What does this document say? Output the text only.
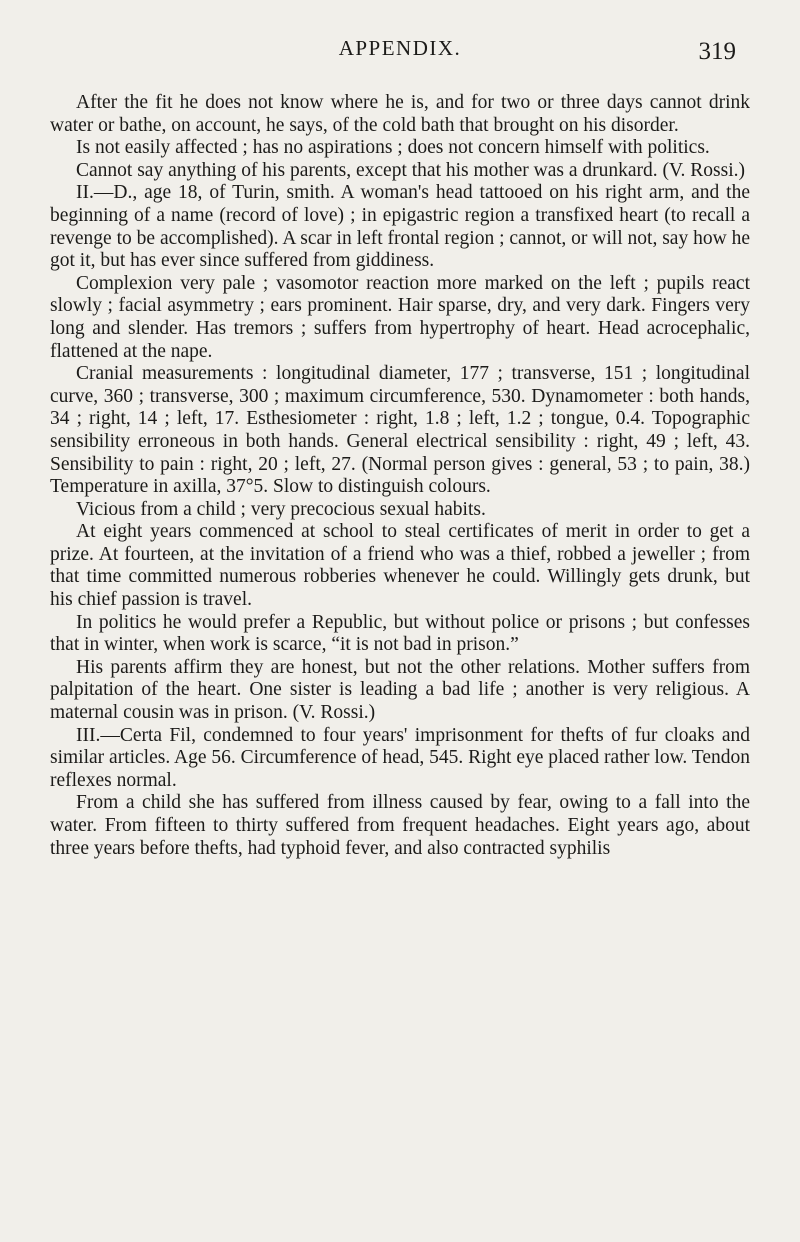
APPENDIX.	319

After the fit he does not know where he is, and for two or three days cannot drink water or bathe, on account, he says, of the cold bath that brought on his disorder.

Is not easily affected ; has no aspirations ; does not concern himself with politics.

Cannot say anything of his parents, except that his mother was a drunkard. (V. Rossi.)

II.—D., age 18, of Turin, smith. A woman's head tattooed on his right arm, and the beginning of a name (record of love) ; in epigastric region a transfixed heart (to recall a revenge to be accomplished). A scar in left frontal region ; cannot, or will not, say how he got it, but has ever since suffered from giddiness.

Complexion very pale ; vasomotor reaction more marked on the left ; pupils react slowly ; facial asymmetry ; ears prominent. Hair sparse, dry, and very dark. Fingers very long and slender. Has tremors ; suffers from hypertrophy of heart. Head acrocephalic, flattened at the nape.

Cranial measurements : longitudinal diameter, 177 ; transverse, 151 ; longitudinal curve, 360 ; transverse, 300 ; maximum circumference, 530. Dynamometer : both hands, 34 ; right, 14 ; left, 17. Esthesiometer : right, 1.8 ; left, 1.2 ; tongue, 0.4. Topographic sensibility erroneous in both hands. General electrical sensibility : right, 49 ; left, 43. Sensibility to pain : right, 20 ; left, 27. (Normal person gives : general, 53 ; to pain, 38.) Temperature in axilla, 37°5. Slow to distinguish colours.

Vicious from a child ; very precocious sexual habits.

At eight years commenced at school to steal certificates of merit in order to get a prize. At fourteen, at the invitation of a friend who was a thief, robbed a jeweller ; from that time committed numerous robberies whenever he could. Willingly gets drunk, but his chief passion is travel.

In politics he would prefer a Republic, but without police or prisons ; but confesses that in winter, when work is scarce, “it is not bad in prison.”

His parents affirm they are honest, but not the other relations. Mother suffers from palpitation of the heart. One sister is leading a bad life ; another is very religious. A maternal cousin was in prison. (V. Rossi.)

III.—Certa Fil, condemned to four years' imprisonment for thefts of fur cloaks and similar articles. Age 56. Circumference of head, 545. Right eye placed rather low. Tendon reflexes normal.

From a child she has suffered from illness caused by fear, owing to a fall into the water. From fifteen to thirty suffered from frequent headaches. Eight years ago, about three years before thefts, had typhoid fever, and also contracted syphilis
